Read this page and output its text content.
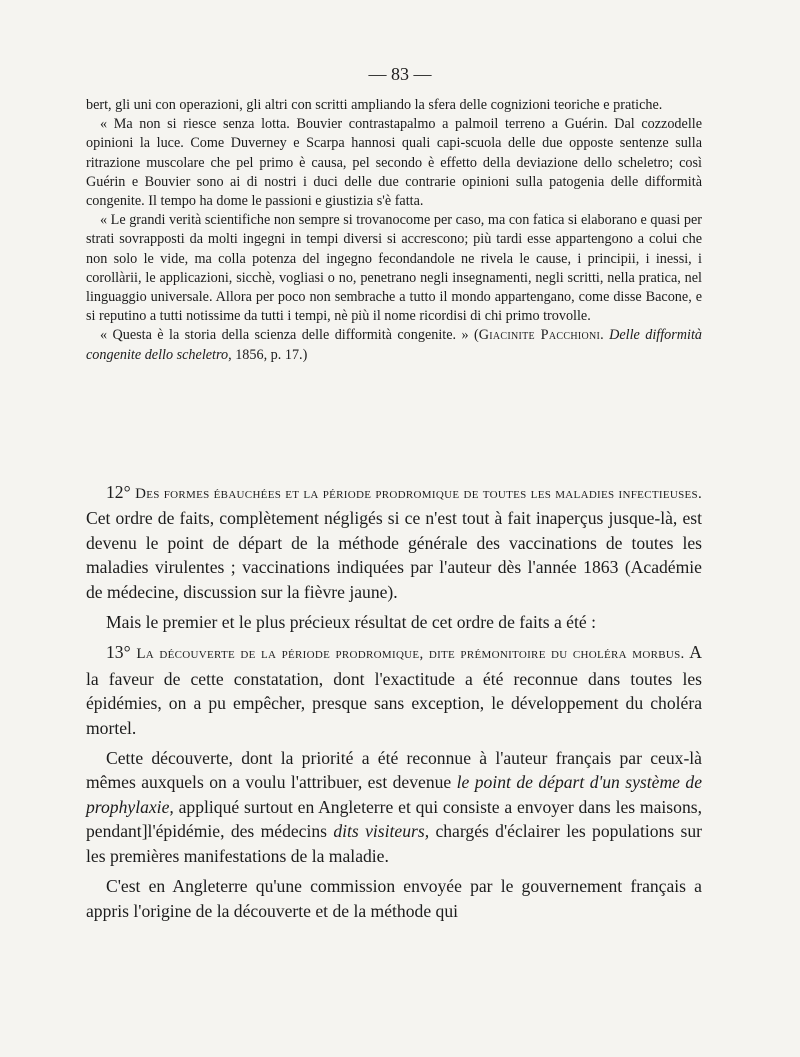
— 83 —

bert, gli uni con operazioni, gli altri con scritti ampliando la sfera delle cognizioni teoriche e pratiche.

« Ma non si riesce senza lotta. Bouvier contrastapalmo a palmoil terreno a Guérin. Dal cozzodelle opinioni la luce. Come Duverney e Scarpa hannosi quali capi-scuola delle due opposte sentenze sulla ritrazione muscolare che pel primo è causa, pel secondo è effetto della deviazione dello scheletro; così Guérin e Bouvier sono ai di nostri i duci delle due contrarie opinioni sulla patogenia delle difformità congenite. Il tempo ha dome le passioni e giustizia s'è fatta.

« Le grandi verità scientifiche non sempre si trovanocome per caso, ma con fatica si elaborano e quasi per strati sovrapposti da molti ingegni in tempi diversi si accrescono; più tardi esse appartengono a colui che non solo le vide, ma colla potenza del ingegno fecondandole ne rivela le cause, i principii, i inessi, i corollàrii, le applicazioni, sicchè, vogliasi o no, penetrano negli insegnamenti, negli scritti, nella pratica, nel linguaggio universale. Allora per poco non sembrache a tutto il mondo appartengano, come disse Bacone, e si reputino a tutti notissime da tutti i tempi, nè più il nome ricordisi di chi primo trovolle.

« Questa è la storia della scienza delle difformità congenite. » (Giacinite Pacchioni. Delle difformità congenite dello scheletro, 1856, p. 17.)

12° Des formes ébauchées et la période prodromique de toutes les maladies infectieuses. Cet ordre de faits, complètement négligés si ce n'est tout à fait inaperçus jusque-là, est devenu le point de départ de la méthode générale des vaccinations de toutes les maladies virulentes ; vaccinations indiquées par l'auteur dès l'année 1863 (Académie de médecine, discussion sur la fièvre jaune).

Mais le premier et le plus précieux résultat de cet ordre de faits a été :

13° La découverte de la période prodromique, dite prémonitoire du choléra morbus. A la faveur de cette constatation, dont l'exactitude a été reconnue dans toutes les épidémies, on a pu empêcher, presque sans exception, le développement du choléra mortel.

Cette découverte, dont la priorité a été reconnue à l'auteur français par ceux-là mêmes auxquels on a voulu l'attribuer, est devenue le point de départ d'un système de prophylaxie, appliqué surtout en Angleterre et qui consiste a envoyer dans les maisons, pendant]l'épidémie, des médecins dits visiteurs, chargés d'éclairer les populations sur les premières manifestations de la maladie.

C'est en Angleterre qu'une commission envoyée par le gouvernement français a appris l'origine de la découverte et de la méthode qui
